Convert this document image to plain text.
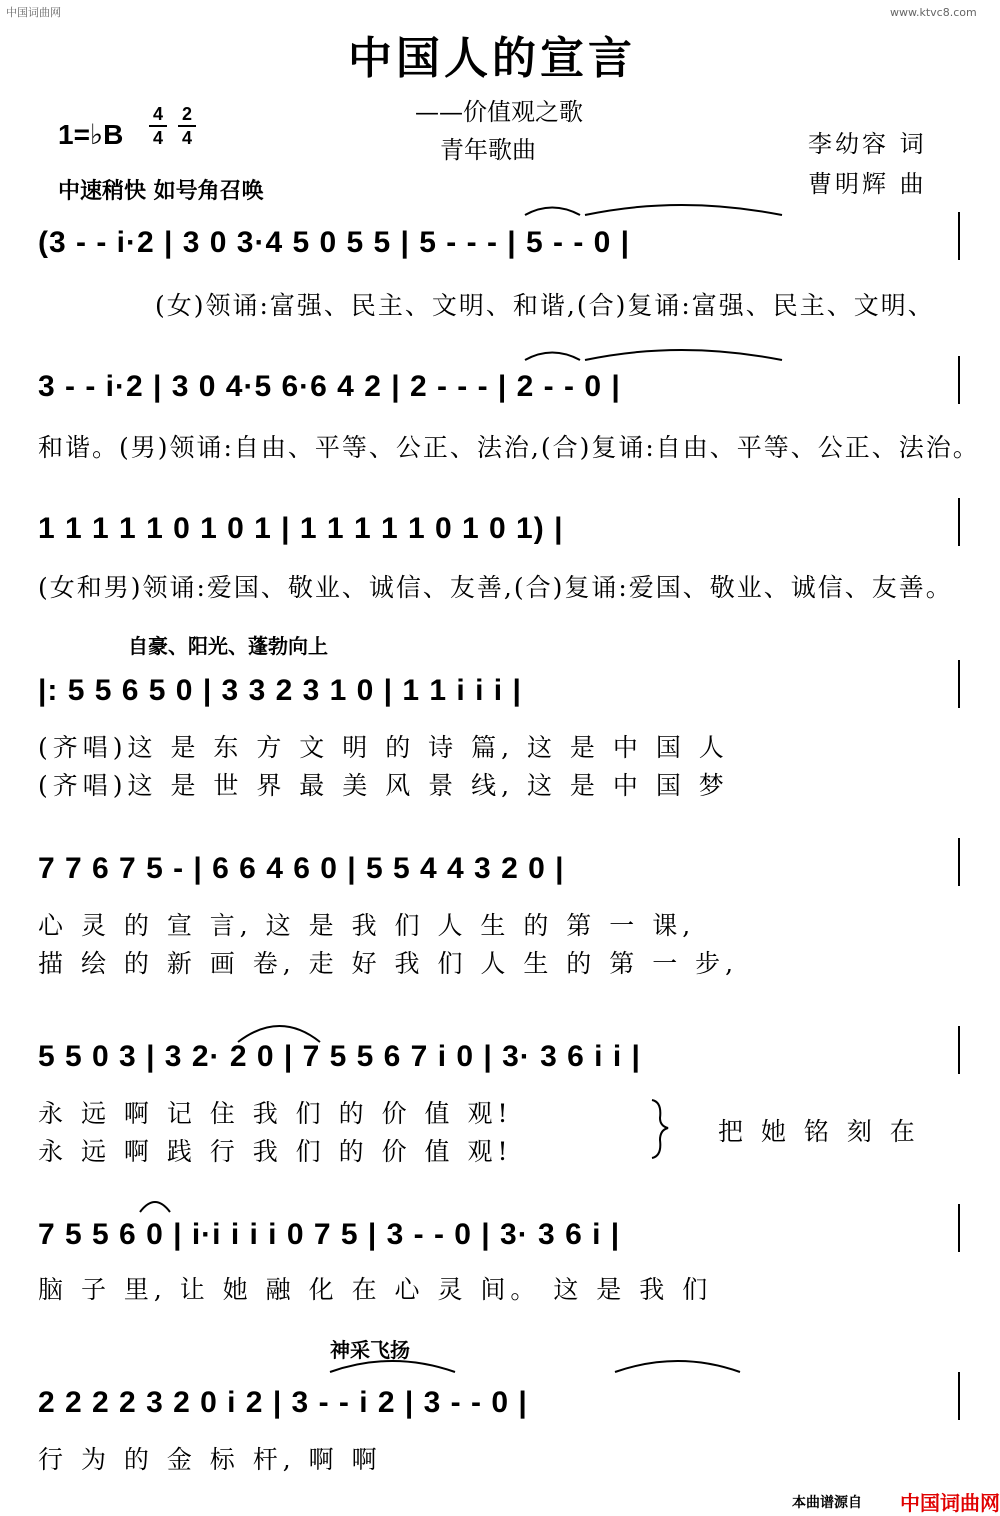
中国词曲网	www.ktvc8.com
中国人的宣言
——价值观之歌
青年歌曲
1=♭B
4
4
2
4	李幼容 词
曹明辉 曲
中速稍快 如号角召唤
(3 - - i·2 | 3 0 3·4 5 0 5 5 | 5 - - - | 5 - - 0 |
(女)领诵:富强、民主、文明、和谐,(合)复诵:富强、民主、文明、
3 - - i·2 | 3 0 4·5 6·6 4 2 | 2 - - - | 2 - - 0 |
和谐。(男)领诵:自由、平等、公正、法治,(合)复诵:自由、平等、公正、法治。
1 1 1 1 1 0 1 0 1 | 1 1 1 1 1 0 1 0 1) |
(女和男)领诵:爱国、敬业、诚信、友善,(合)复诵:爱国、敬业、诚信、友善。
自豪、阳光、蓬勃向上
|: 5 5 6 5 0 | 3 3 2 3 1 0 | 1 1 i i i |
(齐唱)这 是 东 方 文 明 的 诗 篇, 这 是 中 国 人
(齐唱)这 是 世 界 最 美 风 景 线, 这 是 中 国 梦
7 7 6 7 5 - | 6 6 4 6 0 | 5 5 4 4 3 2 0 |
心 灵 的 宣 言, 这 是 我 们 人 生 的 第 一 课,
描 绘 的 新 画 卷, 走 好 我 们 人 生 的 第 一 步,
5 5 0 3 | 3 2· 2 0 | 7 5 5 6 7 i 0 | 3· 3 6 i i |
永 远 啊 记 住 我 们 的 价 值 观!
永 远 啊 践 行 我 们 的 价 值 观!
把 她 铭 刻 在
7 5 5 6 0 | i·i i i i 0 7 5 | 3 - - 0 | 3· 3 6 i |
脑 子 里, 让 她 融 化 在 心 灵 间。 这 是 我 们
神采飞扬
2 2 2 2 3 2 0 i 2 | 3 - - i 2 | 3 - - 0 |
行 为 的 金 标 杆, 啊 啊
本曲谱源自 中国词曲网
